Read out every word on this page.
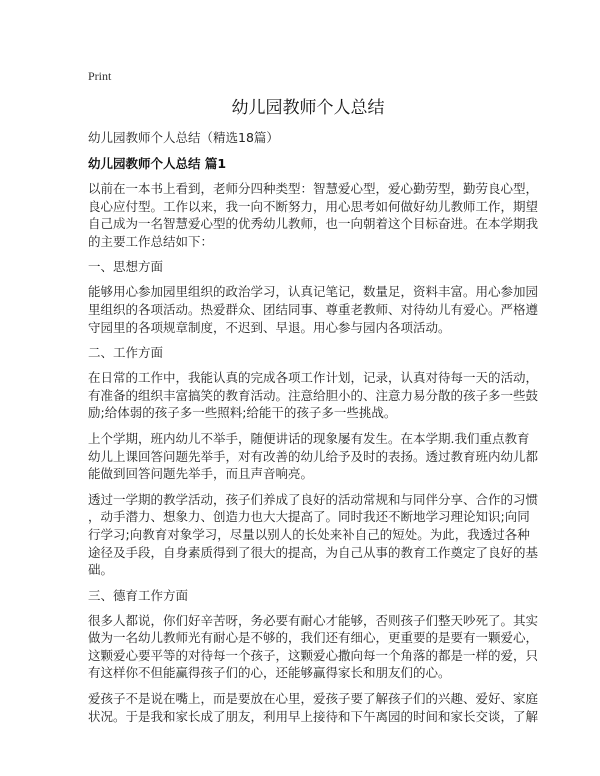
Print
幼儿园教师个人总结
幼儿园教师个人总结（精选18篇）
幼儿园教师个人总结 篇1
以前在一本书上看到，老师分四种类型：智慧爱心型，爱心勤劳型，勤劳良心型，
良心应付型。工作以来，我一向不断努力，用心思考如何做好幼儿教师工作，期望
自己成为一名智慧爱心型的优秀幼儿教师，也一向朝着这个目标奋进。在本学期我
的主要工作总结如下：
一、思想方面
能够用心参加园里组织的政治学习，认真记笔记，数量足，资料丰富。用心参加园
里组织的各项活动。热爱群众、团结同事、尊重老教师、对待幼儿有爱心。严格遵
守园里的各项规章制度，不迟到、早退。用心参与园内各项活动。
二、工作方面
在日常的工作中，我能认真的完成各项工作计划，记录，认真对待每一天的活动，
有准备的组织丰富搞笑的教育活动。注意给胆小的、注意力易分散的孩子多一些鼓
励;给体弱的孩子多一些照料;给能干的孩子多一些挑战。
上个学期，班内幼儿不举手，随便讲话的现象屡有发生。在本学期.我们重点教育
幼儿上课回答问题先举手，对有改善的幼儿给予及时的表扬。透过教育班内幼儿都
能做到回答问题先举手，而且声音响亮。
透过一学期的教学活动，孩子们养成了良好的活动常规和与同伴分享、合作的习惯
，动手潜力、想象力、创造力也大大提高了。同时我还不断地学习理论知识;向同
行学习;向教育对象学习，尽量以别人的长处来补自己的短处。为此，我透过各种
途径及手段，自身素质得到了很大的提高，为自己从事的教育工作奠定了良好的基
础。
三、德育工作方面
很多人都说，你们好辛苦呀，务必要有耐心才能够，否则孩子们整天吵死了。其实
做为一名幼儿教师光有耐心是不够的，我们还有细心，更重要的是要有一颗爱心，
这颗爱心要平等的对待每一个孩子，这颗爱心撒向每一个角落的都是一样的爱，只
有这样你不但能赢得孩子们的心，还能够赢得家长和朋友们的心。
爱孩子不是说在嘴上，而是要放在心里，爱孩子要了解孩子们的兴趣、爱好、家庭
状况。于是我和家长成了朋友，利用早上接待和下午离园的时间和家长交谈，了解
